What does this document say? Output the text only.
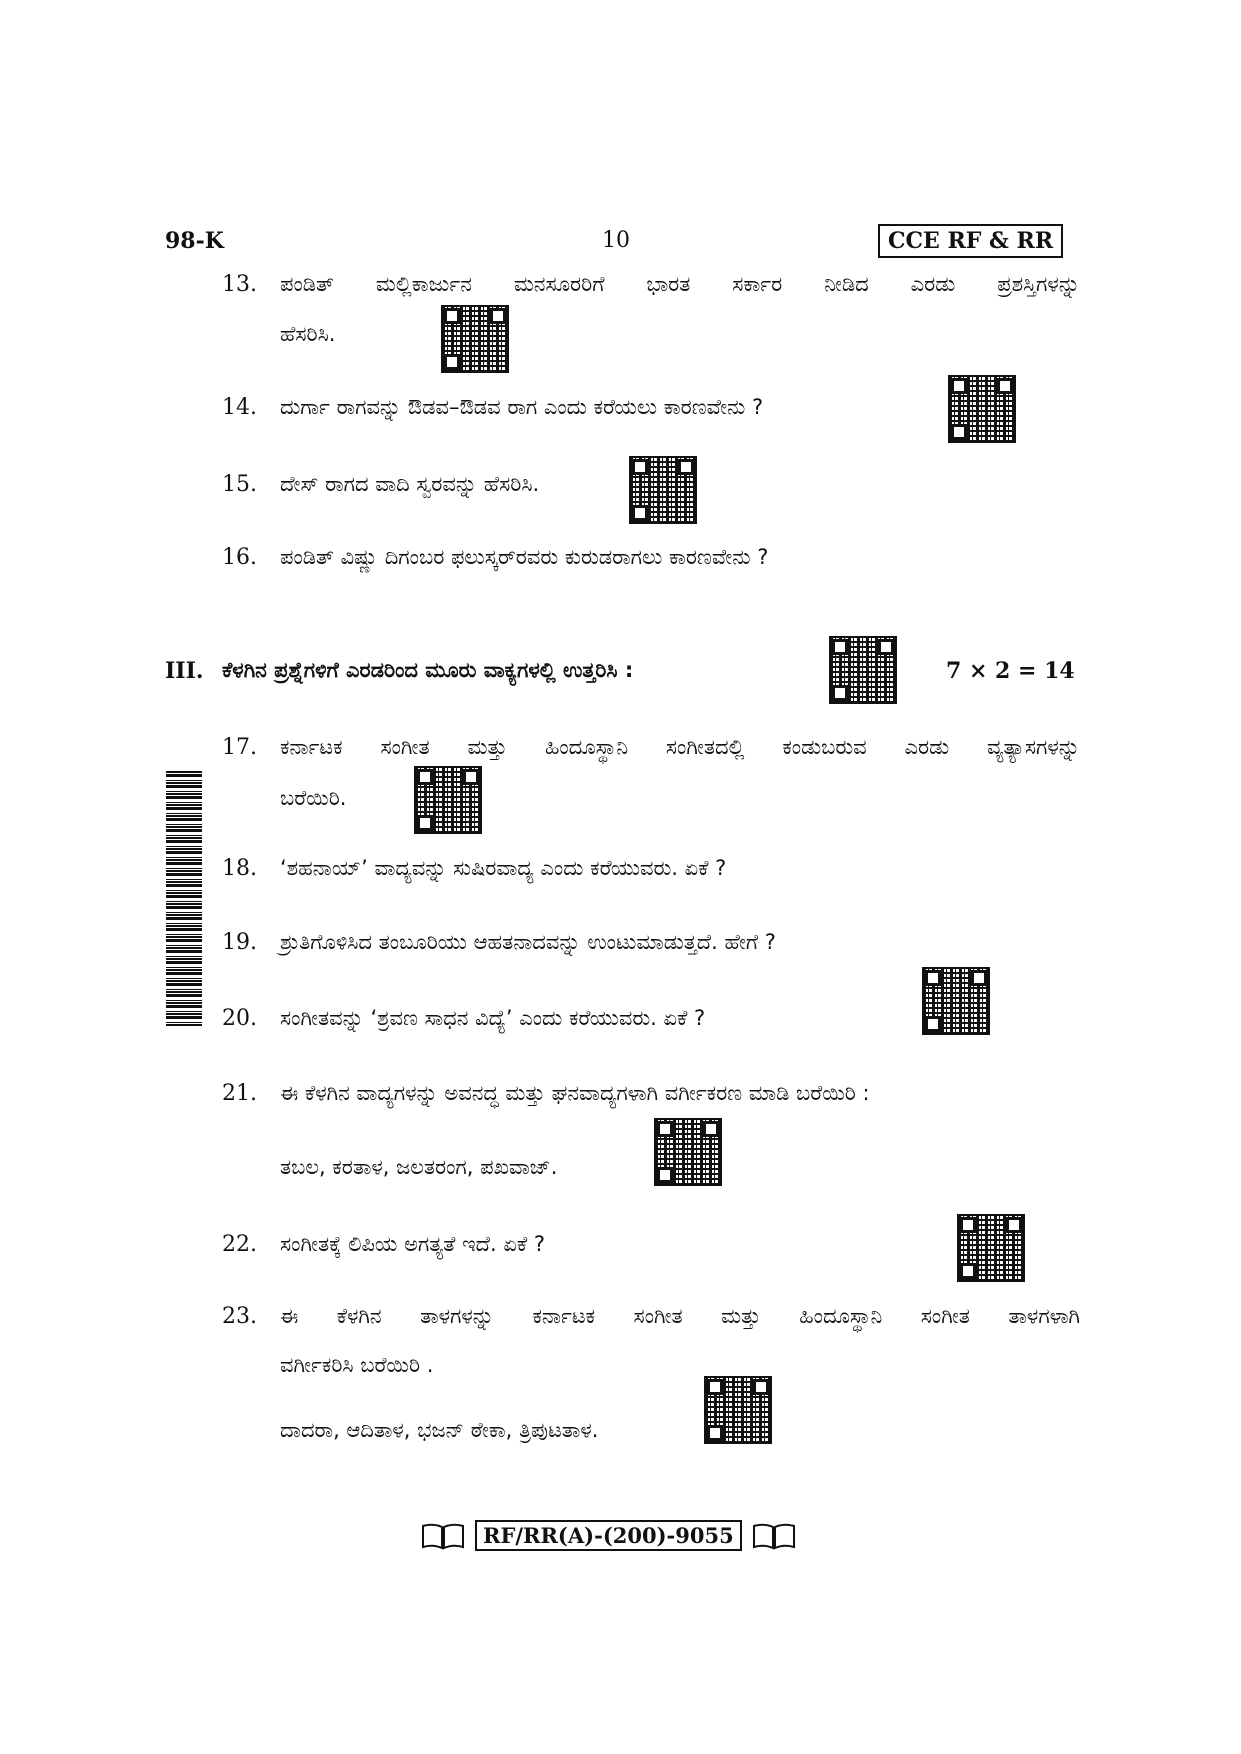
98-K	10	CCE RF & RR
13. ಪಂಡಿತ್ ಮಲ್ಲಿಕಾರ್ಜುನ ಮನಸೂರರಿಗೆ ಭಾರತ ಸರ್ಕಾರ ನೀಡಿದ ಎರಡು ಪ್ರಶಸ್ತಿಗಳನ್ನು
ಹೆಸರಿಸಿ.
14. ದುರ್ಗಾ ರಾಗವನ್ನು ಔಡವ–ಔಡವ ರಾಗ ಎಂದು ಕರೆಯಲು ಕಾರಣವೇನು ?
15. ದೇಸ್ ರಾಗದ ವಾದಿ ಸ್ವರವನ್ನು ಹೆಸರಿಸಿ.
16. ಪಂಡಿತ್ ವಿಷ್ಣು ದಿಗಂಬರ ಫಲುಸ್ಕರ್‌ರವರು ಕುರುಡರಾಗಲು ಕಾರಣವೇನು ?
III. ಕೆಳಗಿನ ಪ್ರಶ್ನೆಗಳಿಗೆ ಎರಡರಿಂದ ಮೂರು ವಾಕ್ಯಗಳಲ್ಲಿ ಉತ್ತರಿಸಿ :	7 × 2 = 14
17. ಕರ್ನಾಟಕ ಸಂಗೀತ ಮತ್ತು ಹಿಂದೂಸ್ಥಾನಿ ಸಂಗೀತದಲ್ಲಿ ಕಂಡುಬರುವ ಎರಡು ವ್ಯತ್ಯಾಸಗಳನ್ನು
ಬರೆಯಿರಿ.
18. ‘ಶಹನಾಯ್’ ವಾದ್ಯವನ್ನು ಸುಷಿರವಾದ್ಯ ಎಂದು ಕರೆಯುವರು. ಏಕೆ ?
19. ಶ್ರುತಿಗೊಳಿಸಿದ ತಂಬೂರಿಯು ಆಹತನಾದವನ್ನು ಉಂಟುಮಾಡುತ್ತದೆ. ಹೇಗೆ ?
20. ಸಂಗೀತವನ್ನು ‘ಶ್ರವಣ ಸಾಧನ ವಿದ್ಯೆ’ ಎಂದು ಕರೆಯುವರು. ಏಕೆ ?
21. ಈ ಕೆಳಗಿನ ವಾದ್ಯಗಳನ್ನು ಅವನದ್ಧ ಮತ್ತು ಘನವಾದ್ಯಗಳಾಗಿ ವರ್ಗೀಕರಣ ಮಾಡಿ ಬರೆಯಿರಿ :
ತಬಲ, ಕರತಾಳ, ಜಲತರಂಗ, ಪಖವಾಜ್.
22. ಸಂಗೀತಕ್ಕೆ ಲಿಪಿಯ ಅಗತ್ಯತೆ ಇದೆ. ಏಕೆ ?
23. ಈ ಕೆಳಗಿನ ತಾಳಗಳನ್ನು ಕರ್ನಾಟಕ ಸಂಗೀತ ಮತ್ತು ಹಿಂದೂಸ್ಥಾನಿ ಸಂಗೀತ ತಾಳಗಳಾಗಿ
ವರ್ಗೀಕರಿಸಿ ಬರೆಯಿರಿ .
ದಾದರಾ, ಆದಿತಾಳ, ಭಜನ್ ಠೇಕಾ, ತ್ರಿಪುಟತಾಳ.
RF/RR(A)-(200)-9055
